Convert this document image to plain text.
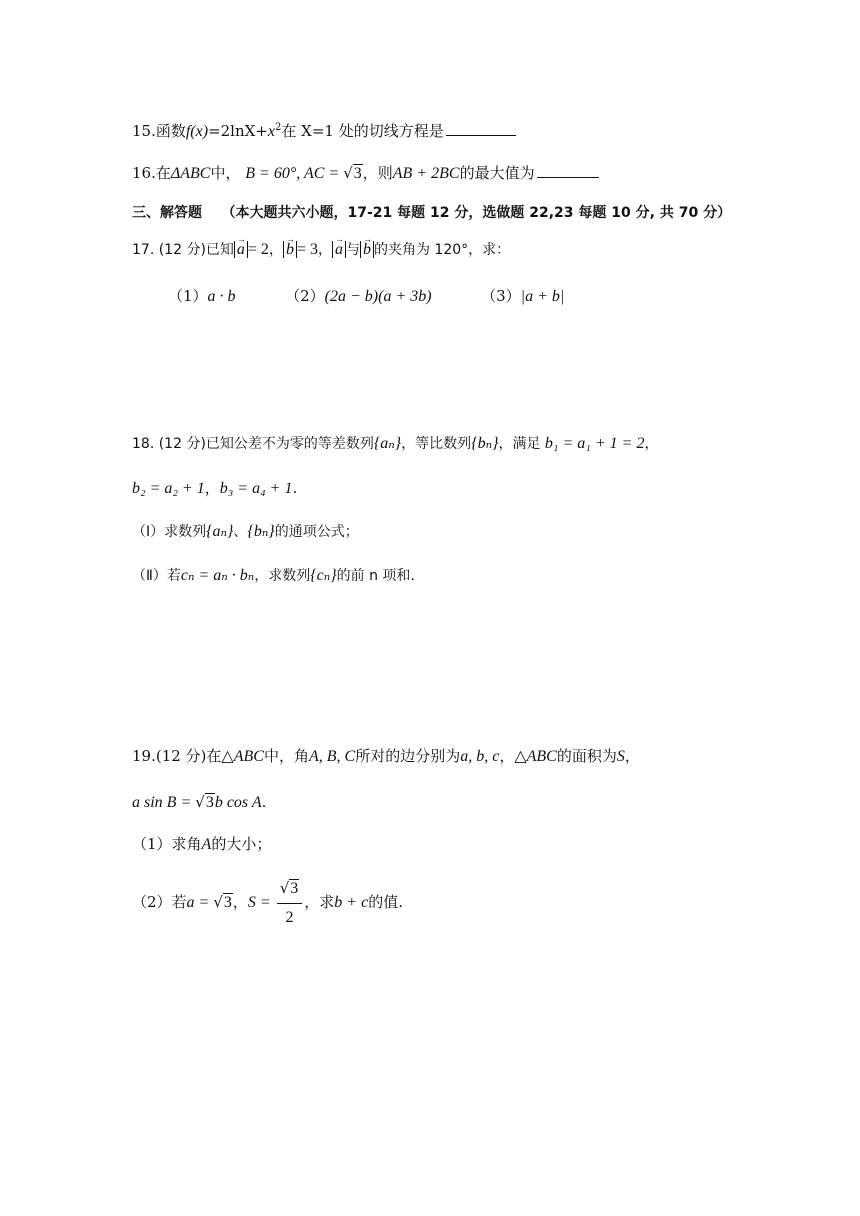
15.函数$f(x)=2\ln X+x^2$在 X=1 处的切线方程是
16.在ΔABC中， B = 60°, AC = √3，则AB + 2BC的最大值为
三、解答题 （本大题共六小题，17-21 每题 12 分，选做题 22,23 每题 10 分, 共 70 分）
17. (12 分)已知 → a = 2， → b = 3， → a 与 → b 的夹角为 120°，求：
（1）a · b	（2）(2a − b)(a + 3b)	（3）|a + b|
18. (12 分)已知公差不为零的等差数列{aₙ}，等比数列{bₙ}，满足 b₁ = a₁ + 1 = 2，
b₂ = a₂ + 1，b₃ = a₄ + 1.
（Ⅰ）求数列{aₙ}、{bₙ}的通项公式；
（Ⅱ）若cₙ = aₙ · bₙ，求数列{cₙ}的前 n 项和.
19.(12 分)在△ABC中，角A, B, C所对的边分别为a, b, c，△ABC的面积为S，
a sin B = √3b cos A.
（1）求角A的大小；
（2）若a = √3，$S = \frac{√3}{2}$ ，求b + c的值.
